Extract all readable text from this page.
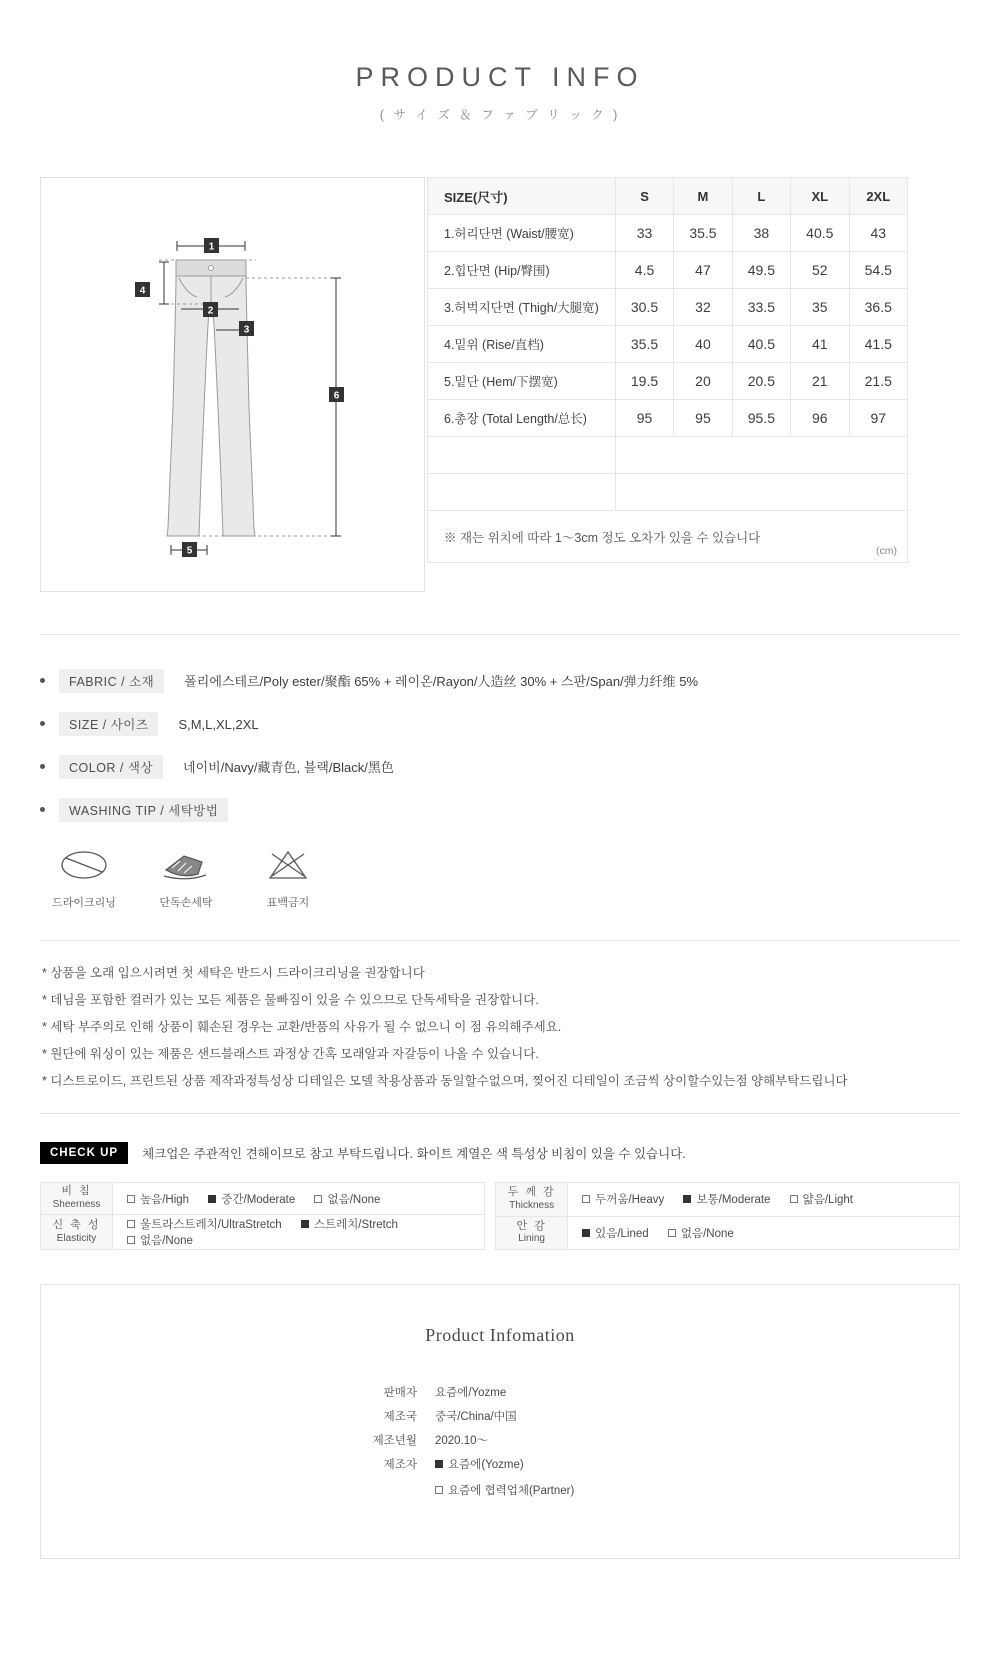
PRODUCT INFO
( サ イ ズ ＆ フ ァ ブ リ ッ ク )
1
2
3
4
5
6
SIZE(尺寸)	S	M	L	XL	2XL
1.허리단면 (Waist/腰宽)	33	35.5	38	40.5	43
2.힙단면 (Hip/臀围)	4.5	47	49.5	52	54.5
3.허벅지단면 (Thigh/大腿宽)	30.5	32	33.5	35	36.5
4.밑위 (Rise/直档)	35.5	40	40.5	41	41.5
5.밑단 (Hem/下摆宽)	19.5	20	20.5	21	21.5
6.총장 (Total Length/总长)	95	95	95.5	96	97

※ 재는 위치에 따라 1〜3cm 정도 오차가 있을 수 있습니다
(cm)					
FABRIC / 소재	폴리에스테르/Poly ester/聚酯 65% + 레이온/Rayon/人造丝 30% + 스판/Span/弹力纤维 5%
SIZE / 사이즈	S,M,L,XL,2XL
COLOR / 색상	네이비/Navy/藏青色, 블랙/Black/黑色
WASHING TIP / 세탁방법
드라이크리닝	단독손세탁	표백금지

* 상품을 오래 입으시려면 첫 세탁은 반드시 드라이크리닝을 권장합니다

* 데님을 포함한 컬러가 있는 모든 제품은 물빠짐이 있을 수 있으므로 단독세탁을 권장합니다.

* 세탁 부주의로 인해 상품이 훼손된 경우는 교환/반품의 사유가 될 수 없으니 이 점 유의해주세요.

* 원단에 워싱이 있는 제품은 샌드블래스트 과정상 간혹 모래알과 자갈등이 나올 수 있습니다.

* 디스트로이드, 프린트된 상품 제작과정특성상 디테일은 모델 착용상품과 동일할수없으며, 찢어진 디테일이 조금씩 상이할수있는점 양해부탁드립니다

CHECK UP	체크업은 주관적인 견해이므로 참고 부탁드립니다. 화이트 계열은 색 특성상 비침이 있을 수 있습니다.
비 침
Sheerness	높음/High 중간/Moderate 없음/None
신 축 성
Elasticity	울트라스트레치/UltraStretch 스트레치/Stretch 없음/None
두 께 감
Thickness	두꺼움/Heavy 보통/Moderate 얇음/Light
안 감
Lining	있음/Lined 없음/None
Product Infomation
판매자	요즘에/Yozme
제조국	중국/China/中国
제조년월	2020.10〜
제조자	요즘에(Yozme)
	요즘에 협력업체(Partner)
